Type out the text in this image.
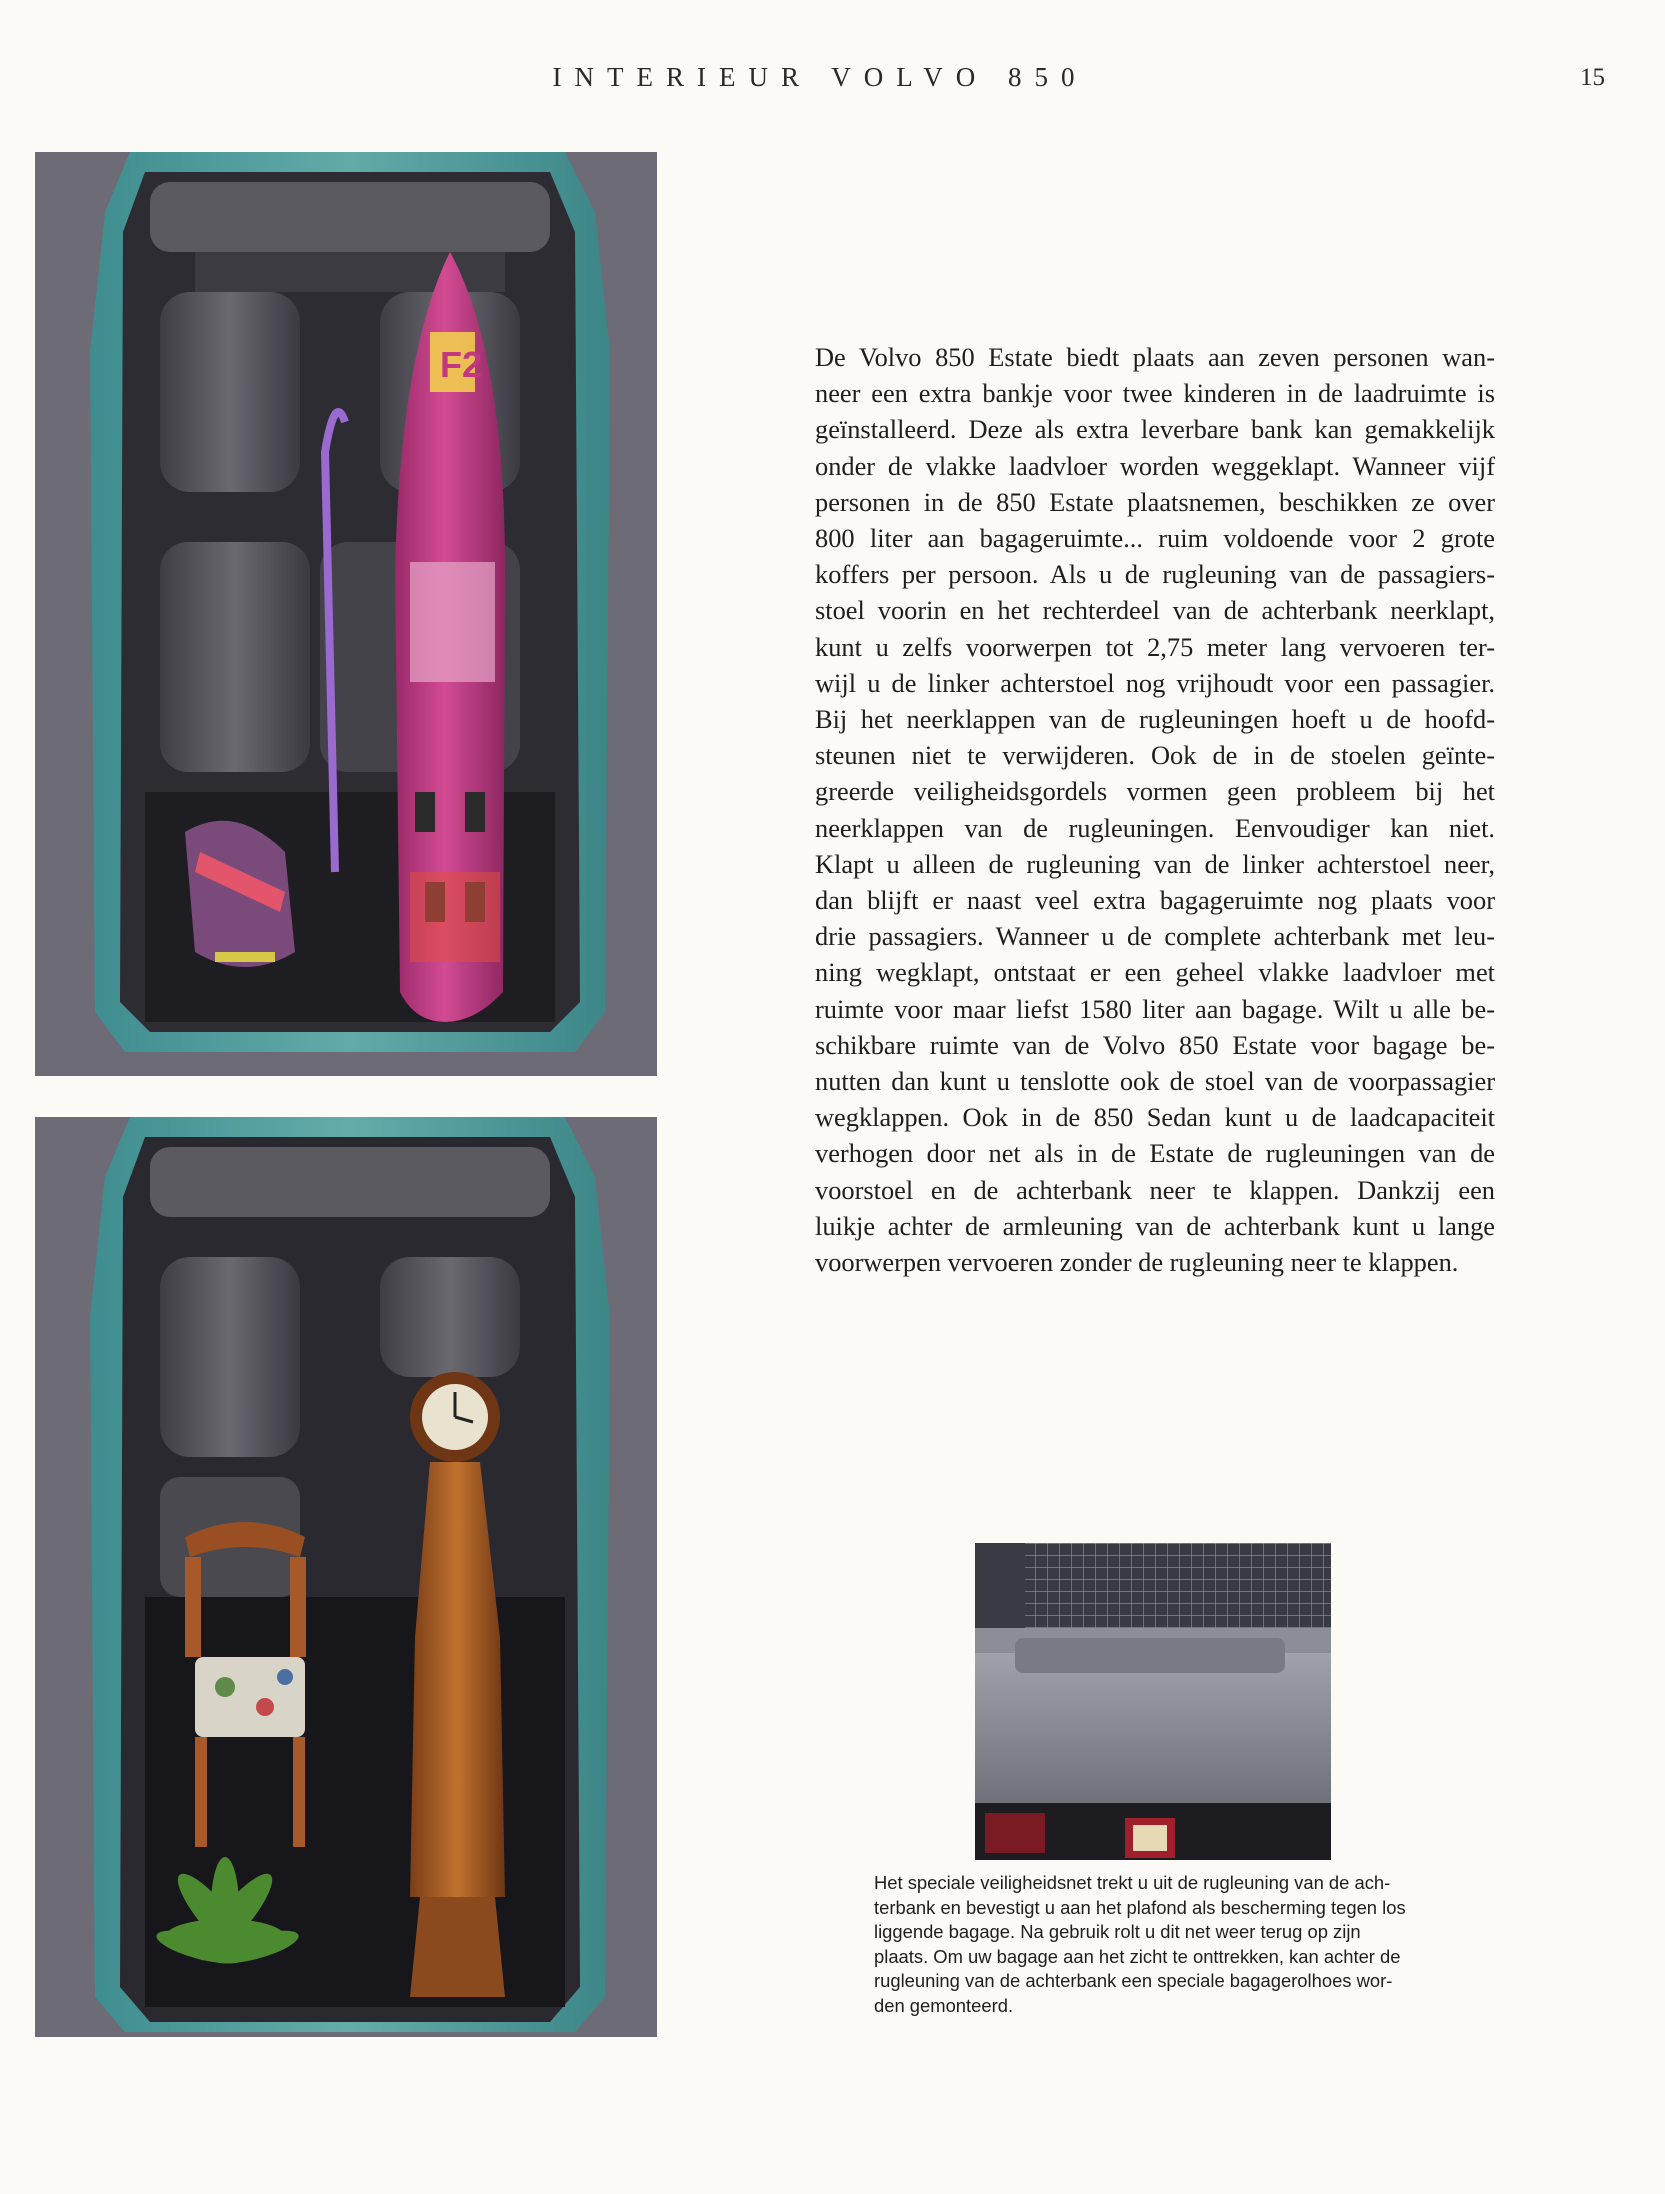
INTERIEUR VOLVO 850	15
F2	De Volvo 850 Estate biedt plaats aan zeven personen wan-
neer een extra bankje voor twee kinderen in de laadruimte is
geïnstalleerd. Deze als extra leverbare bank kan gemakkelijk
onder de vlakke laadvloer worden weggeklapt. Wanneer vijf
personen in de 850 Estate plaatsnemen, beschikken ze over
800 liter aan bagageruimte... ruim voldoende voor 2 grote
koffers per persoon. Als u de rugleuning van de passagiers-
stoel voorin en het rechterdeel van de achterbank neerklapt,
kunt u zelfs voorwerpen tot 2,75 meter lang vervoeren ter-
wijl u de linker achterstoel nog vrijhoudt voor een passagier.
Bij het neerklappen van de rugleuningen hoeft u de hoofd-
steunen niet te verwijderen. Ook de in de stoelen geïnte-
greerde veiligheidsgordels vormen geen probleem bij het
neerklappen van de rugleuningen. Eenvoudiger kan niet.
Klapt u alleen de rugleuning van de linker achterstoel neer,
dan blijft er naast veel extra bagageruimte nog plaats voor
drie passagiers. Wanneer u de complete achterbank met leu-
ning wegklapt, ontstaat er een geheel vlakke laadvloer met
ruimte voor maar liefst 1580 liter aan bagage. Wilt u alle be-
schikbare ruimte van de Volvo 850 Estate voor bagage be-
nutten dan kunt u tenslotte ook de stoel van de voorpassagier
wegklappen. Ook in de 850 Sedan kunt u de laadcapaciteit
verhogen door net als in de Estate de rugleuningen van de
voorstoel en de achterbank neer te klappen. Dankzij een
luikje achter de armleuning van de achterbank kunt u lange
voorwerpen vervoeren zonder de rugleuning neer te klappen.
Het speciale veiligheidsnet trekt u uit de rugleuning van de ach-
terbank en bevestigt u aan het plafond als bescherming tegen los
liggende bagage. Na gebruik rolt u dit net weer terug op zijn
plaats. Om uw bagage aan het zicht te onttrekken, kan achter de
rugleuning van de achterbank een speciale bagagerolhoes wor-
den gemonteerd.
